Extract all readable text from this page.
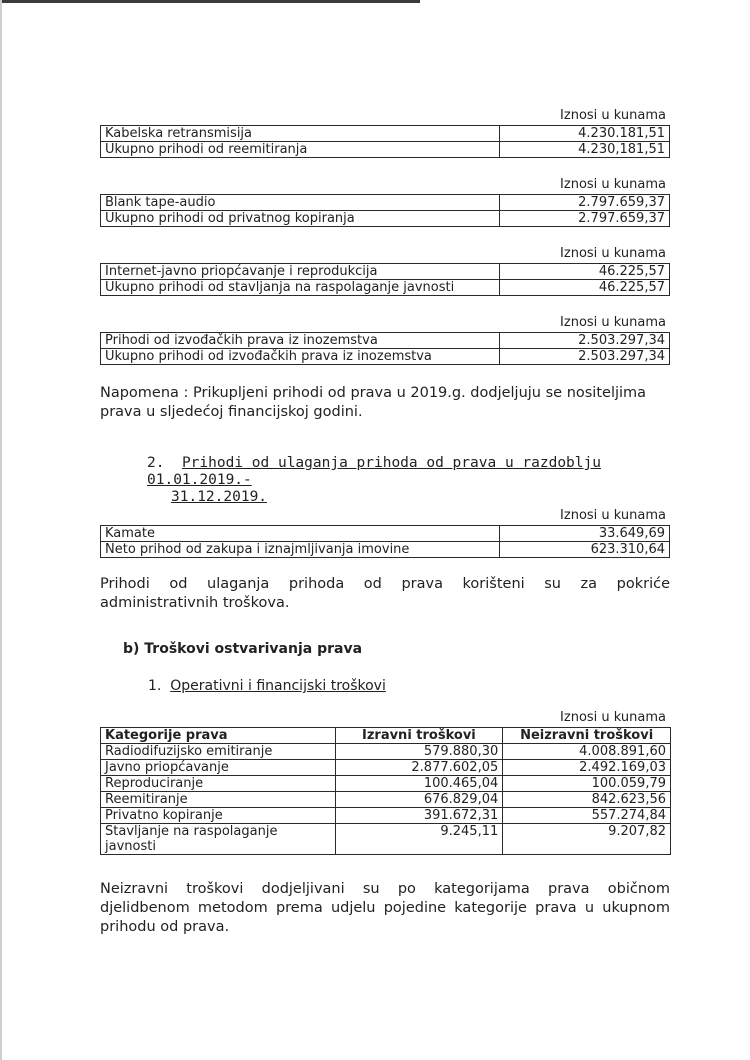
Iznosi u kunama
Kabelska retransmisija	4.230.181,51
Ukupno prihodi od reemitiranja	4.230,181,51
Iznosi u kunama
Blank tape-audio	2.797.659,37
Ukupno prihodi od privatnog kopiranja	2.797.659,37
Iznosi u kunama
Internet-javno priopćavanje i reprodukcija	46.225,57
Ukupno prihodi od stavljanja na raspolaganje javnosti	46.225,57
Iznosi u kunama
Prihodi od izvođačkih prava iz inozemstva	2.503.297,34
Ukupno prihodi od izvođačkih prava iz inozemstva	2.503.297,34
Napomena : Prikupljeni prihodi od prava u 2019.g. dodjeljuju se nositeljima
prava u sljedećoj financijskoj godini.
2. Prihodi od ulaganja prihoda od prava u razdoblju 01.01.2019.-
31.12.2019.
Iznosi u kunama
Kamate	33.649,69
Neto prihod od zakupa i iznajmljivanja imovine	623.310,64
Prihodi od ulaganja prihoda od prava korišteni su za pokriće
administrativnih troškova.
b) Troškovi ostvarivanja prava
1. Operativni i financijski troškovi
Iznosi u kunama
Kategorije prava	Izravni troškovi	Neizravni troškovi
Radiodifuzijsko emitiranje	579.880,30	4.008.891,60
Javno priopćavanje	2.877.602,05	2.492.169,03
Reproduciranje	100.465,04	100.059,79
Reemitiranje	676.829,04	842.623,56
Privatno kopiranje	391.672,31	557.274,84

Stavljanje na raspolaganje
javnosti	9.245,11	9.207,82
Neizravni troškovi dodjeljivani su po kategorijama prava običnom
djelidbenom metodom prema udjelu pojedine kategorije prava u ukupnom
prihodu od prava.
